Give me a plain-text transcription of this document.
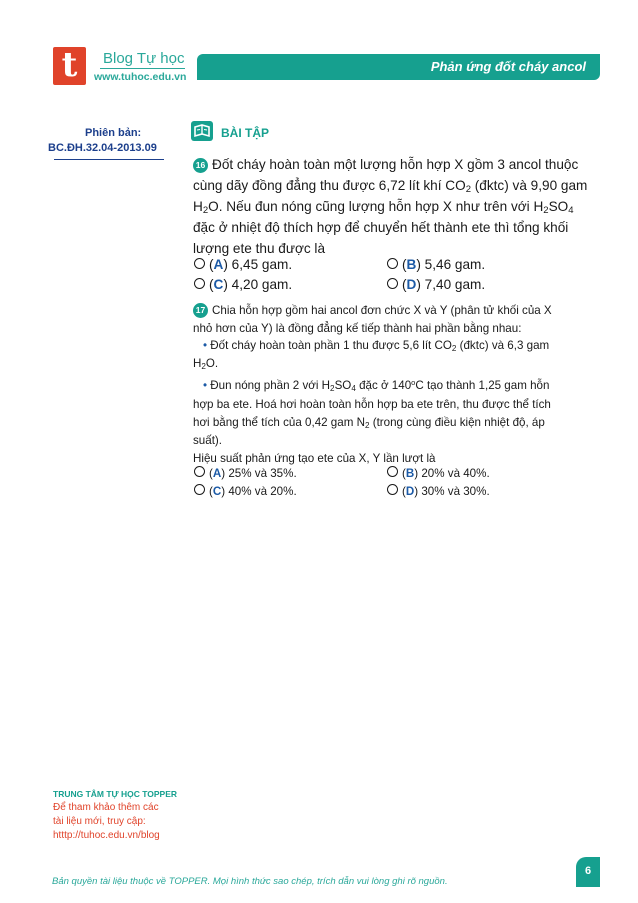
t	Blog Tự học
www.tuhoc.edu.vn
Phản ứng đốt cháy ancol
Phiên bản:
BC.ĐH.32.04-2013.09
BÀI TẬP
16 Đốt cháy hoàn toàn một lượng hỗn hợp X gồm 3 ancol thuộc
cùng dãy đồng đẳng thu được 6,72 lít khí $CO_2$ (đktc) và 9,90 gam
$H_2O$. Nếu đun nóng cũng lượng hỗn hợp X như trên với $H_2SO_4$
đặc ở nhiệt độ thích hợp để chuyển hết thành ete thì tổng khối
lượng ete thu được là
(A) 6,45 gam.	(B) 5,46 gam.
(C) 4,20 gam.	(D) 7,40 gam.
17 Chia hỗn hợp gồm hai ancol đơn chức X và Y (phân tử khối của X
nhỏ hơn của Y) là đồng đẳng kế tiếp thành hai phần bằng nhau:
• Đốt cháy hoàn toàn phần 1 thu được 5,6 lít $CO_2$ (đktc) và 6,3 gam
$H_2O$.
• Đun nóng phần 2 với $H_2SO_4$ đặc ở 140$^o$C tạo thành 1,25 gam hỗn
hợp ba ete. Hoá hơi hoàn toàn hỗn hợp ba ete trên, thu được thể tích
hơi bằng thể tích của 0,42 gam $N_2$ (trong cùng điều kiện nhiệt độ, áp
suất).
Hiệu suất phản ứng tạo ete của X, Y lần lượt là
(A) 25% và 35%.	(B) 20% và 40%.
(C) 40% và 20%.	(D) 30% và 30%.
TRUNG TÂM TỰ HỌC TOPPER
Để tham khảo thêm các
tài liệu mới, truy cập:
htttp://tuhoc.edu.vn/blog
Bản quyền tài liệu thuộc về TOPPER. Mọi hình thức sao chép, trích dẫn vui lòng ghi rõ nguồn.
6
